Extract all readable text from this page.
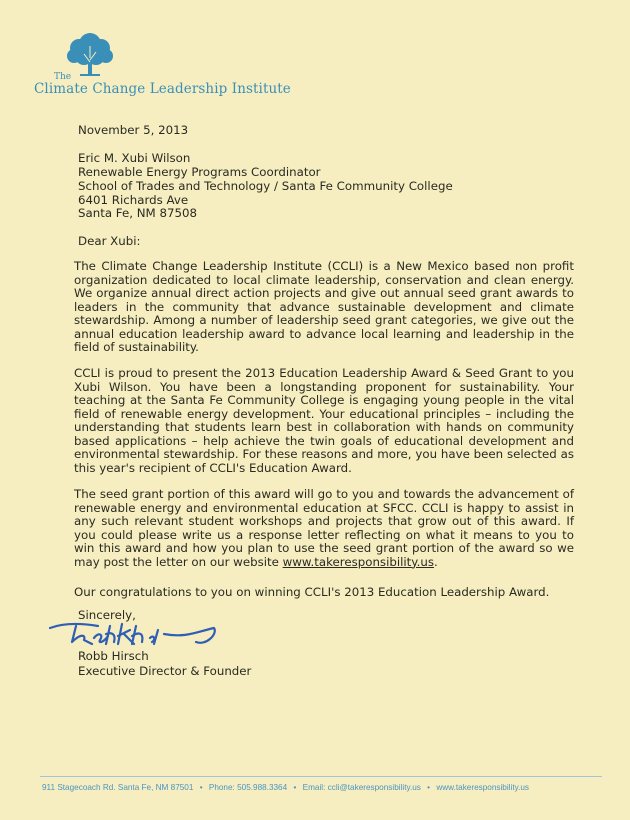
The
Climate Change Leadership Institute
November 5, 2013
Eric M. Xubi Wilson
Renewable Energy Programs Coordinator
School of Trades and Technology / Santa Fe Community College
6401 Richards Ave
Santa Fe, NM 87508
Dear Xubi:

The Climate Change Leadership Institute (CCLI) is a New Mexico based non profit organization dedicated to local climate leadership, conservation and clean energy. We organize annual direct action projects and give out annual seed grant awards to leaders in the community that advance sustainable development and climate stewardship. Among a number of leadership seed grant categories, we give out the annual education leadership award to advance local learning and leadership in the field of sustainability.

CCLI is proud to present the 2013 Education Leadership Award & Seed Grant to you Xubi Wilson. You have been a longstanding proponent for sustainability. Your teaching at the Santa Fe Community College is engaging young people in the vital field of renewable energy development. Your educational principles – including the understanding that students learn best in collaboration with hands on community based applications – help achieve the twin goals of educational development and environmental stewardship. For these reasons and more, you have been selected as this year's recipient of CCLI's Education Award.

The seed grant portion of this award will go to you and towards the advancement of renewable energy and environmental education at SFCC. CCLI is happy to assist in any such relevant student workshops and projects that grow out of this award. If you could please write us a response letter reflecting on what it means to you to win this award and how you plan to use the seed grant portion of the award so we may post the letter on our website www.takeresponsibility.us.

Our congratulations to you on winning CCLI's 2013 Education Leadership Award.
Sincerely,
Robb Hirsch
Executive Director & Founder
911 Stagecoach Rd. Santa Fe, NM 87501 • Phone: 505.988.3364 • Email: ccli@takeresponsibility.us • www.takeresponsibility.us
